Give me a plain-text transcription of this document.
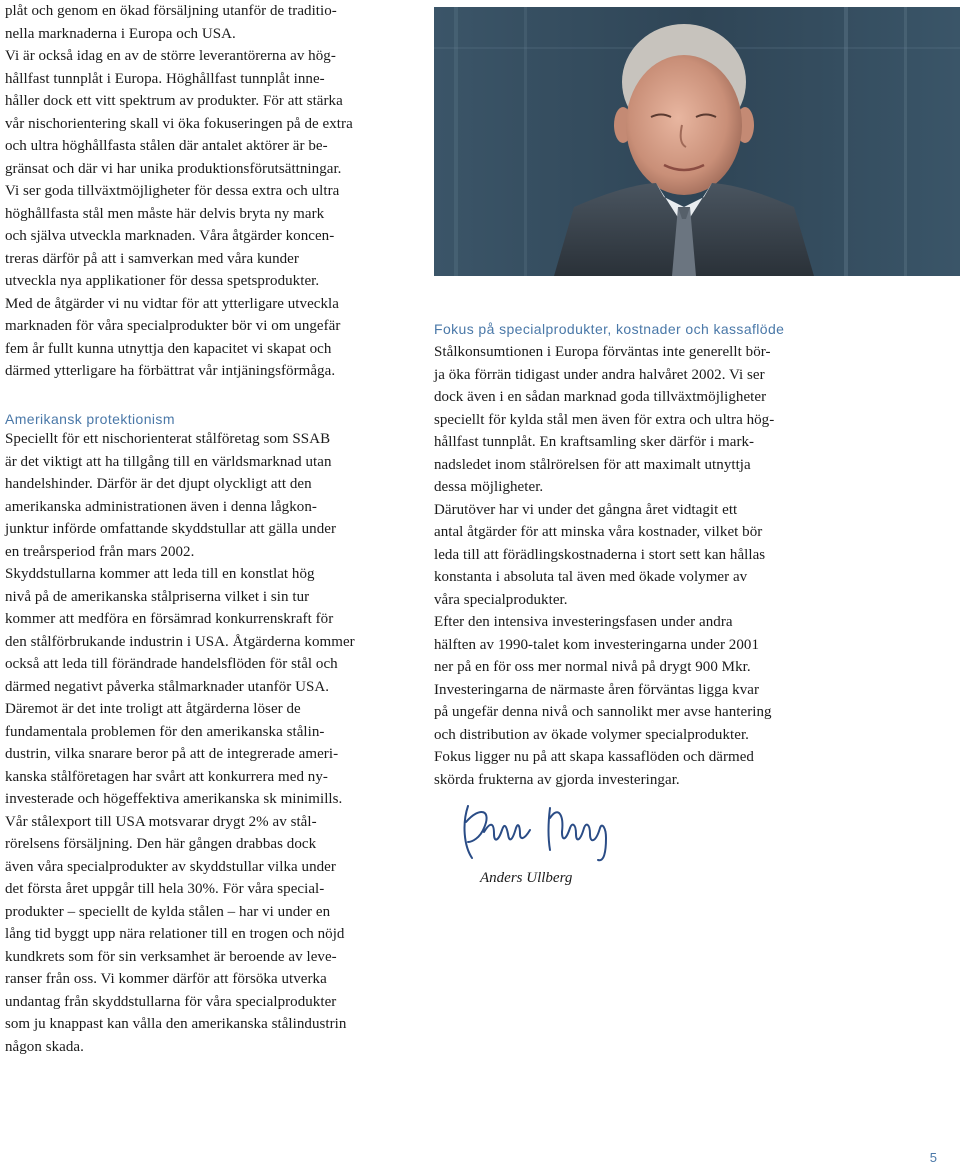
plåt och genom en ökad försäljning utanför de traditio-
nella marknaderna i Europa och USA.
Vi är också idag en av de större leverantörerna av hög-
hållfast tunnplåt i Europa. Höghållfast tunnplåt inne-
håller dock ett vitt spektrum av produkter. För att stärka
vår nischorientering skall vi öka fokuseringen på de extra
och ultra höghållfasta stålen där antalet aktörer är be-
gränsat och där vi har unika produktionsförutsättningar.
Vi ser goda tillväxtmöjligheter för dessa extra och ultra
höghållfasta stål men måste här delvis bryta ny mark
och själva utveckla marknaden. Våra åtgärder koncen-
treras därför på att i samverkan med våra kunder
utveckla nya applikationer för dessa spetsprodukter.
Med de åtgärder vi nu vidtar för att ytterligare utveckla
marknaden för våra specialprodukter bör vi om ungefär
fem år fullt kunna utnyttja den kapacitet vi skapat och
därmed ytterligare ha förbättrat vår intjäningsförmåga.
Amerikansk protektionism
Speciellt för ett nischorienterat stålföretag som SSAB
är det viktigt att ha tillgång till en världsmarknad utan
handelshinder. Därför är det djupt olyckligt att den
amerikanska administrationen även i denna lågkon-
junktur införde omfattande skyddstullar att gälla under
en treårsperiod från mars 2002.
Skyddstullarna kommer att leda till en konstlat hög
nivå på de amerikanska stålpriserna vilket i sin tur
kommer att medföra en försämrad konkurrenskraft för
den stålförbrukande industrin i USA. Åtgärderna kommer
också att leda till förändrade handelsflöden för stål och
därmed negativt påverka stålmarknader utanför USA.
Däremot är det inte troligt att åtgärderna löser de
fundamentala problemen för den amerikanska stålin-
dustrin, vilka snarare beror på att de integrerade ameri-
kanska stålföretagen har svårt att konkurrera med ny-
investerade och högeffektiva amerikanska sk minimills.
Vår stålexport till USA motsvarar drygt 2% av stål-
rörelsens försäljning. Den här gången drabbas dock
även våra specialprodukter av skyddstullar vilka under
det första året uppgår till hela 30%. För våra special-
produkter – speciellt de kylda stålen – har vi under en
lång tid byggt upp nära relationer till en trogen och nöjd
kundkrets som för sin verksamhet är beroende av leve-
ranser från oss. Vi kommer därför att försöka utverka
undantag från skyddstullarna för våra specialprodukter
som ju knappast kan vålla den amerikanska stålindustrin
någon skada.
Fokus på specialprodukter, kostnader och kassaflöde
Stålkonsumtionen i Europa förväntas inte generellt bör-
ja öka förrän tidigast under andra halvåret 2002. Vi ser
dock även i en sådan marknad goda tillväxtmöjligheter
speciellt för kylda stål men även för extra och ultra hög-
hållfast tunnplåt. En kraftsamling sker därför i mark-
nadsledet inom stålrörelsen för att maximalt utnyttja
dessa möjligheter.
Därutöver har vi under det gångna året vidtagit ett
antal åtgärder för att minska våra kostnader, vilket bör
leda till att förädlingskostnaderna i stort sett kan hållas
konstanta i absoluta tal även med ökade volymer av
våra specialprodukter.
Efter den intensiva investeringsfasen under andra
hälften av 1990-talet kom investeringarna under 2001
ner på en för oss mer normal nivå på drygt 900 Mkr.
Investeringarna de närmaste åren förväntas ligga kvar
på ungefär denna nivå och sannolikt mer avse hantering
och distribution av ökade volymer specialprodukter.
Fokus ligger nu på att skapa kassaflöden och därmed
skörda frukterna av gjorda investeringar.
Anders Ullberg
5
